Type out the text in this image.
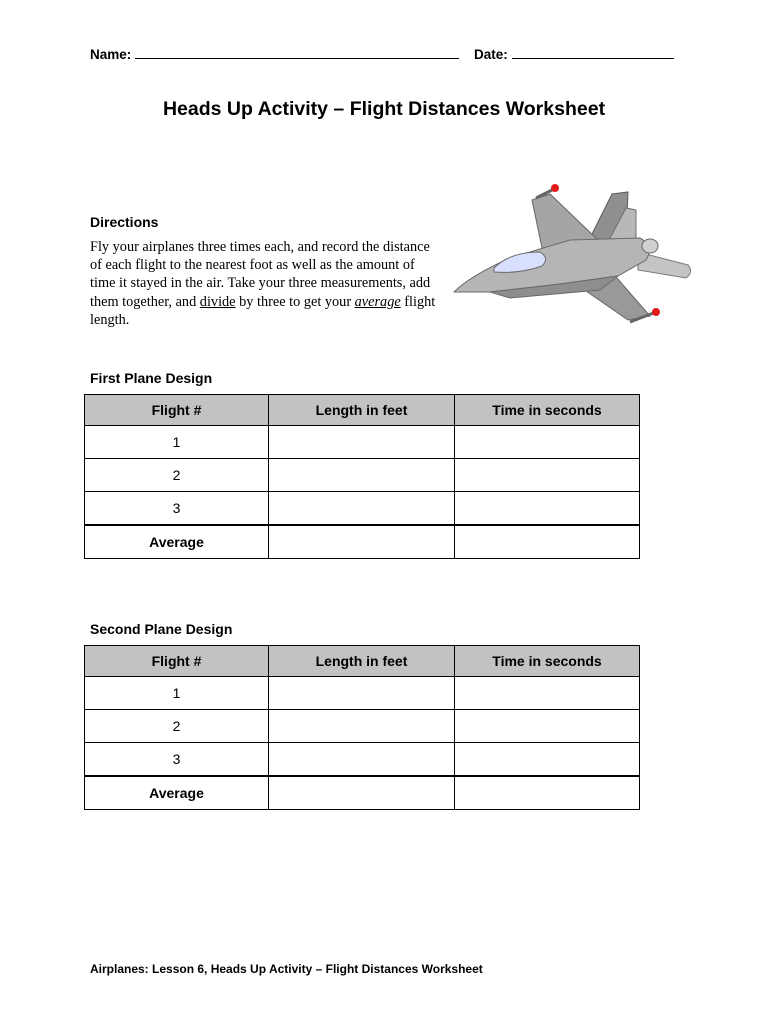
Name:	Date:
Heads Up Activity – Flight Distances Worksheet
Directions
Fly your airplanes three times each, and record the distance of each flight to the nearest foot as well as the amount of time it stayed in the air. Take your three measurements, add them together, and divide by three to get your average flight length.
First Plane Design
Flight #	Length in feet	Time in seconds
1		
2		
3		
Average		
Second Plane Design
Flight #	Length in feet	Time in seconds
1		
2		
3		
Average		
Airplanes: Lesson 6, Heads Up Activity – Flight Distances Worksheet
